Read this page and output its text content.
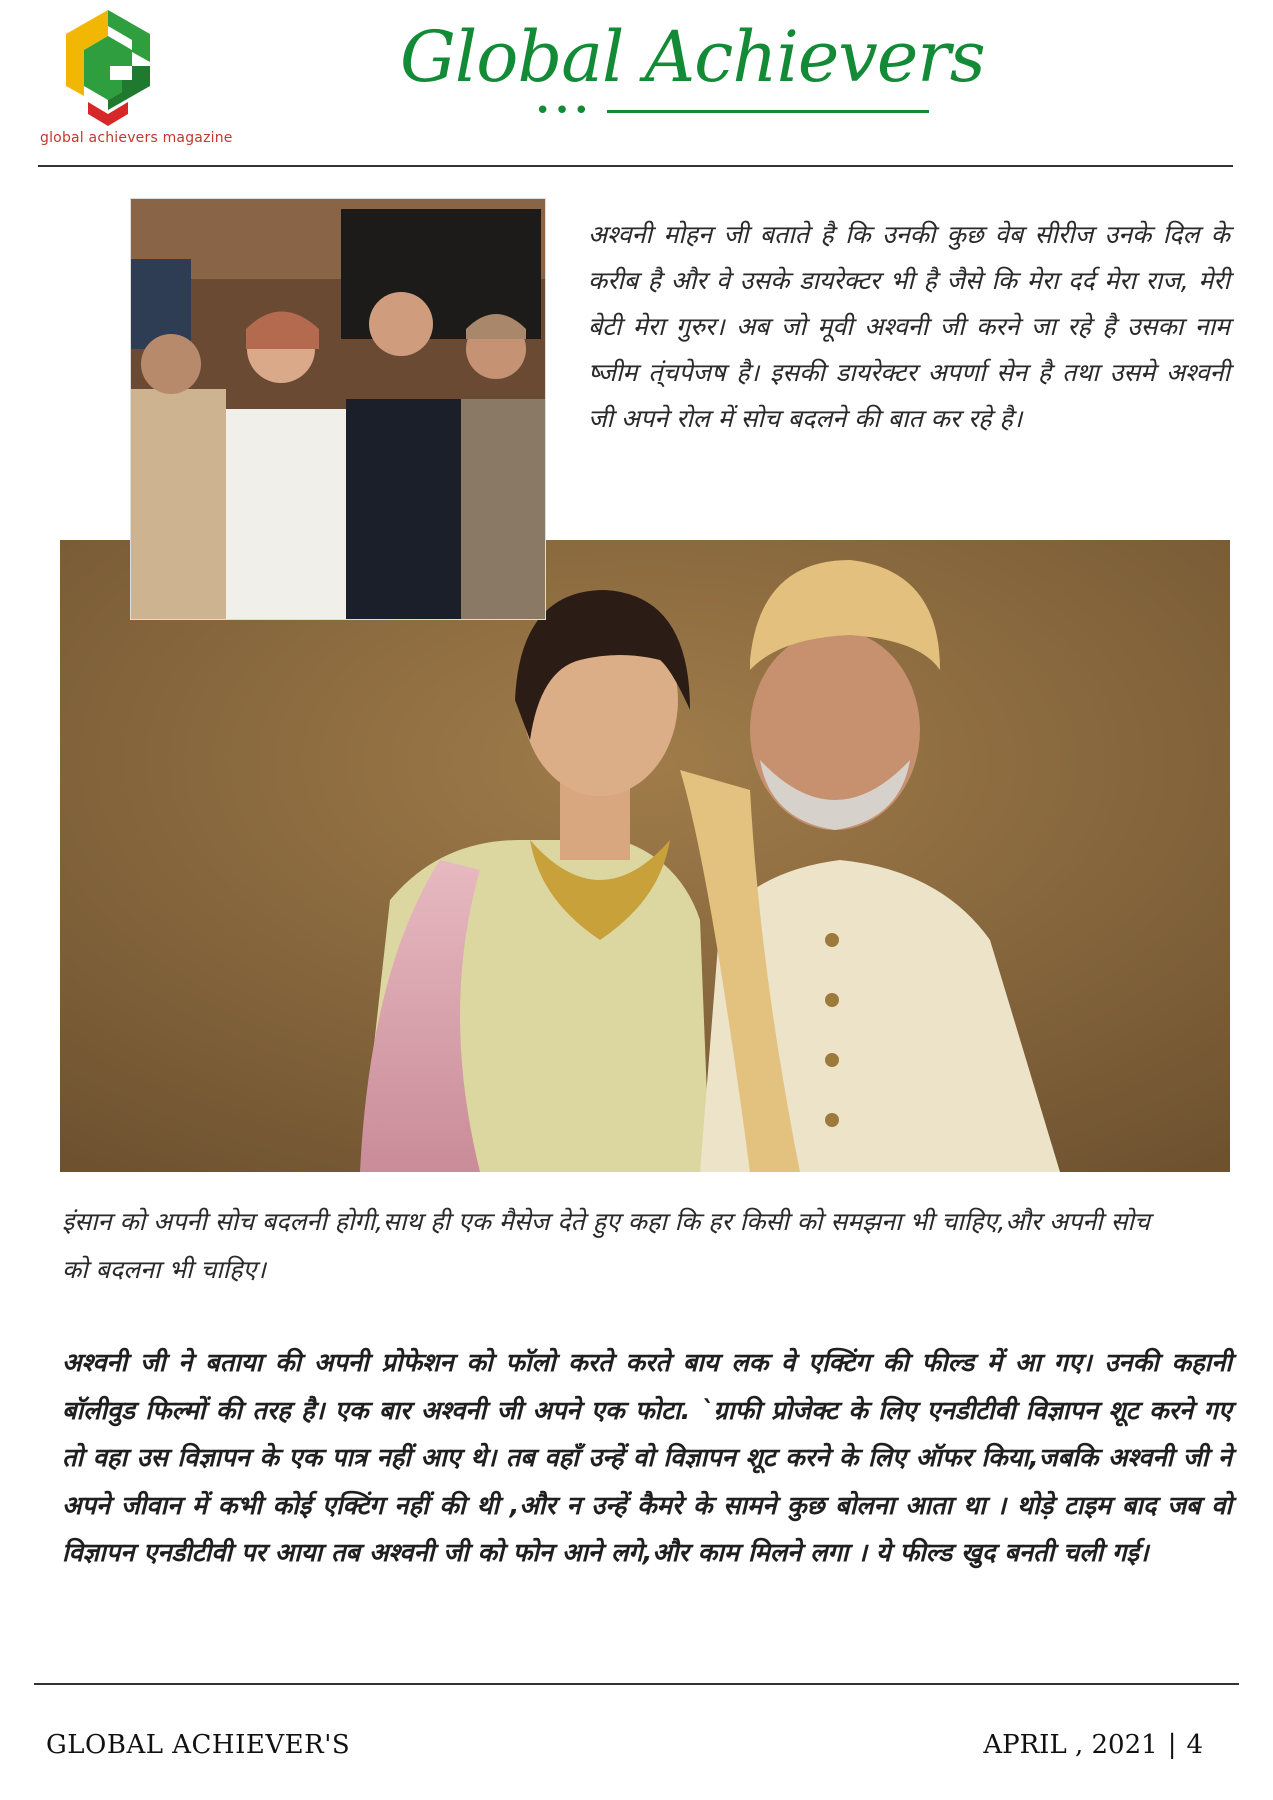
global achievers magazine
Global Achievers
•••
अश्वनी मोहन जी बताते है कि उनकी कुछ वेब सीरीज उनके दिल के करीब है और वे उसके डायरेक्टर भी है जैसे कि मेरा दर्द मेरा राज, मेरी बेटी मेरा गुरुर। अब जो मूवी अश्वनी जी करने जा रहे है उसका नाम ष्जीम त्ंचपेजष है। इसकी डायरेक्टर अपर्णा सेन है तथा उसमे अश्वनी जी अपने रोल में सोच बदलने की बात कर रहे है।
इंसान को अपनी सोच बदलनी होगी,साथ ही एक मैसेज देते हुए कहा कि हर किसी को समझना भी चाहिए,और अपनी सोच को बदलना भी चाहिए।
अश्वनी जी ने बताया की अपनी प्रोफेशन को फॉलो करते करते बाय लक वे एक्टिंग की फील्ड में आ गए। उनकी कहानी बॉलीवुड फिल्मों की तरह है। एक बार अश्वनी जी अपने एक फोटा. `ग्राफी प्रोजेक्ट के लिए एनडीटीवी विज्ञापन शूट करने गए तो वहा उस विज्ञापन के एक पात्र नहीं आए थे। तब वहाँ उन्हें वो विज्ञापन शूट करने के लिए ऑफर किया,जबकि अश्वनी जी ने अपने जीवान में कभी कोई एक्टिंग नहीं की थी ,और न उन्हें कैमरे के सामने कुछ बोलना आता था । थोड़े टाइम बाद जब वो विज्ञापन एनडीटीवी पर आया तब अश्वनी जी को फोन आने लगे,और काम मिलने लगा । ये फील्ड खुद बनती चली गई।
GLOBAL ACHIEVER'S	APRIL , 2021 | 4
